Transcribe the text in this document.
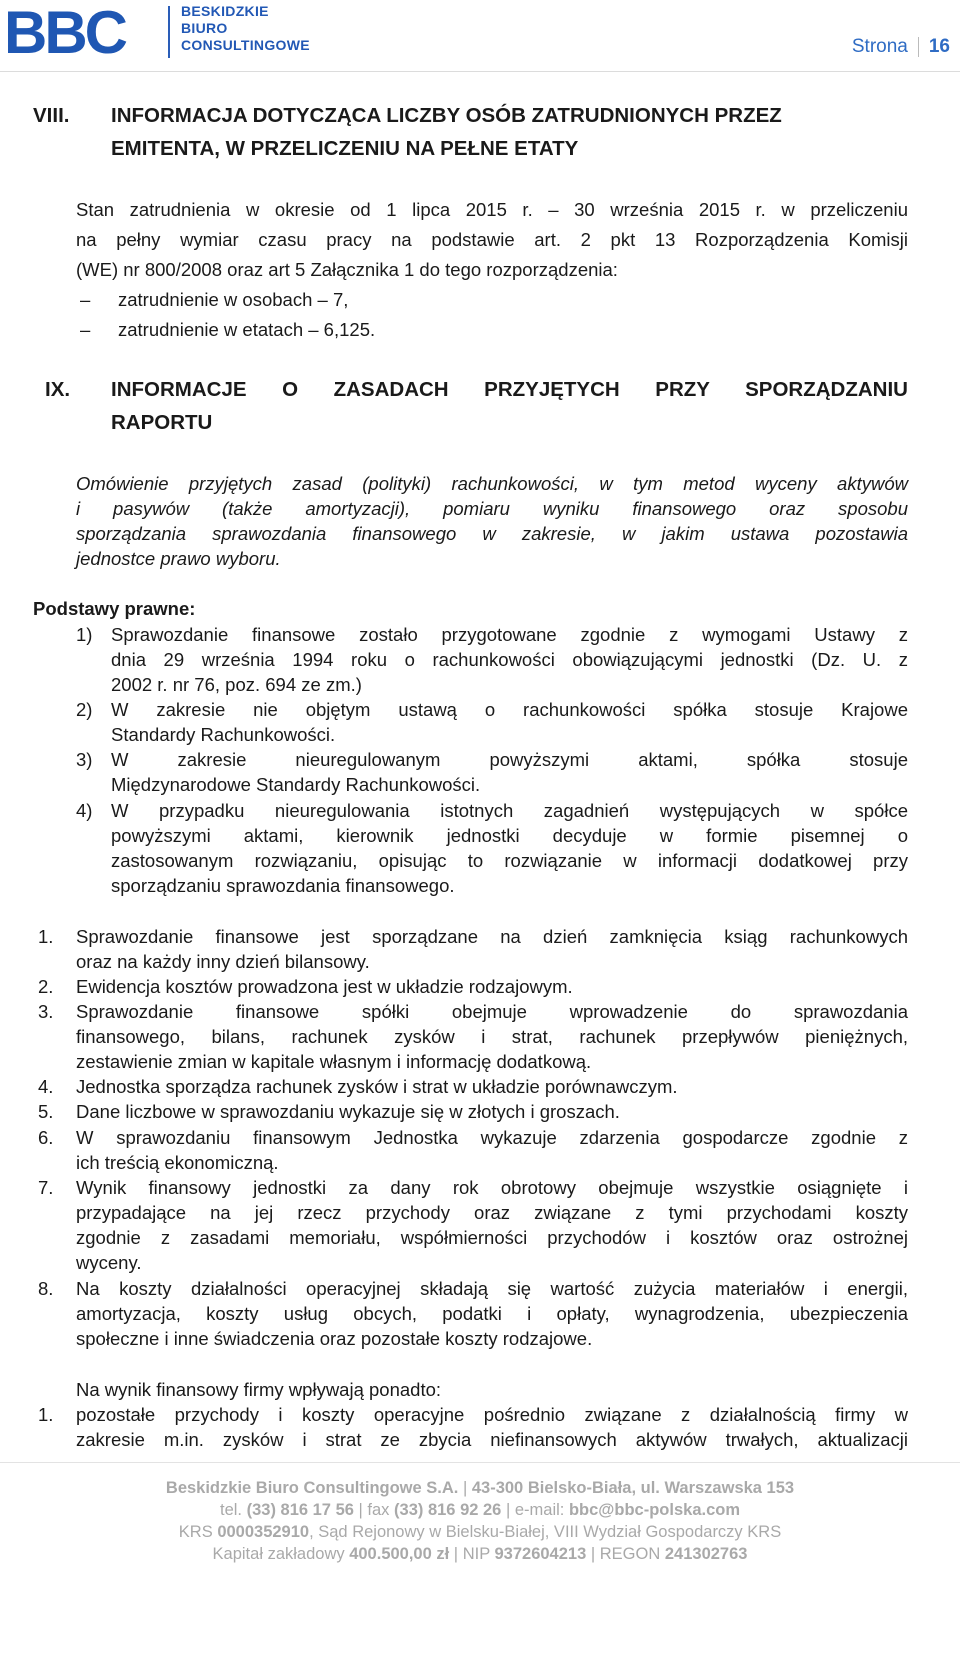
BBC	BESKIDZKIE
BIURO
CONSULTINGOWE	Strona 16
VIII. INFORMACJA DOTYCZĄCA LICZBY OSÓB ZATRUDNIONYCH PRZEZ
EMITENTA, W PRZELICZENIU NA PEŁNE ETATY
Stan zatrudnienia w okresie od 1 lipca 2015 r. – 30 września 2015 r. w przeliczeniu
na pełny wymiar czasu pracy na podstawie art. 2 pkt 13 Rozporządzenia Komisji
(WE) nr 800/2008 oraz art 5 Załącznika 1 do tego rozporządzenia:
– zatrudnienie w osobach – 7,
– zatrudnienie w etatach – 6,125.
IX. INFORMACJE O ZASADACH PRZYJĘTYCH PRZY SPORZĄDZANIU
RAPORTU
Omówienie przyjętych zasad (polityki) rachunkowości, w tym metod wyceny aktywów
i pasywów (także amortyzacji), pomiaru wyniku finansowego oraz sposobu
sporządzania sprawozdania finansowego w zakresie, w jakim ustawa pozostawia
jednostce prawo wyboru.
Podstawy prawne:
1) Sprawozdanie finansowe zostało przygotowane zgodnie z wymogami Ustawy z
dnia 29 września 1994 roku o rachunkowości obowiązującymi jednostki (Dz. U. z
2002 r. nr 76, poz. 694 ze zm.)
2) W zakresie nie objętym ustawą o rachunkowości spółka stosuje Krajowe
Standardy Rachunkowości.
3) W zakresie nieuregulowanym powyższymi aktami, spółka stosuje
Międzynarodowe Standardy Rachunkowości.
4) W przypadku nieuregulowania istotnych zagadnień występujących w spółce
powyższymi aktami, kierownik jednostki decyduje w formie pisemnej o
zastosowanym rozwiązaniu, opisując to rozwiązanie w informacji dodatkowej przy
sporządzaniu sprawozdania finansowego.
1. Sprawozdanie finansowe jest sporządzane na dzień zamknięcia ksiąg rachunkowych
oraz na każdy inny dzień bilansowy.
2. Ewidencja kosztów prowadzona jest w układzie rodzajowym.
3. Sprawozdanie finansowe spółki obejmuje wprowadzenie do sprawozdania
finansowego, bilans, rachunek zysków i strat, rachunek przepływów pieniężnych,
zestawienie zmian w kapitale własnym i informację dodatkową.
4. Jednostka sporządza rachunek zysków i strat w układzie porównawczym.
5. Dane liczbowe w sprawozdaniu wykazuje się w złotych i groszach.
6. W sprawozdaniu finansowym Jednostka wykazuje zdarzenia gospodarcze zgodnie z
ich treścią ekonomiczną.
7. Wynik finansowy jednostki za dany rok obrotowy obejmuje wszystkie osiągnięte i
przypadające na jej rzecz przychody oraz związane z tymi przychodami koszty
zgodnie z zasadami memoriału, współmierności przychodów i kosztów oraz ostrożnej
wyceny.
8. Na koszty działalności operacyjnej składają się wartość zużycia materiałów i energii,
amortyzacja, koszty usług obcych, podatki i opłaty, wynagrodzenia, ubezpieczenia
społeczne i inne świadczenia oraz pozostałe koszty rodzajowe.
Na wynik finansowy firmy wpływają ponadto:
1. pozostałe przychody i koszty operacyjne pośrednio związane z działalnością firmy w
zakresie m.in. zysków i strat ze zbycia niefinansowych aktywów trwałych, aktualizacji
Beskidzkie Biuro Consultingowe S.A. | 43-300 Bielsko-Biała, ul. Warszawska 153
tel. (33) 816 17 56 | fax (33) 816 92 26 | e-mail: bbc@bbc-polska.com
KRS 0000352910, Sąd Rejonowy w Bielsku-Białej, VIII Wydział Gospodarczy KRS
Kapitał zakładowy 400.500,00 zł | NIP 9372604213 | REGON 241302763
